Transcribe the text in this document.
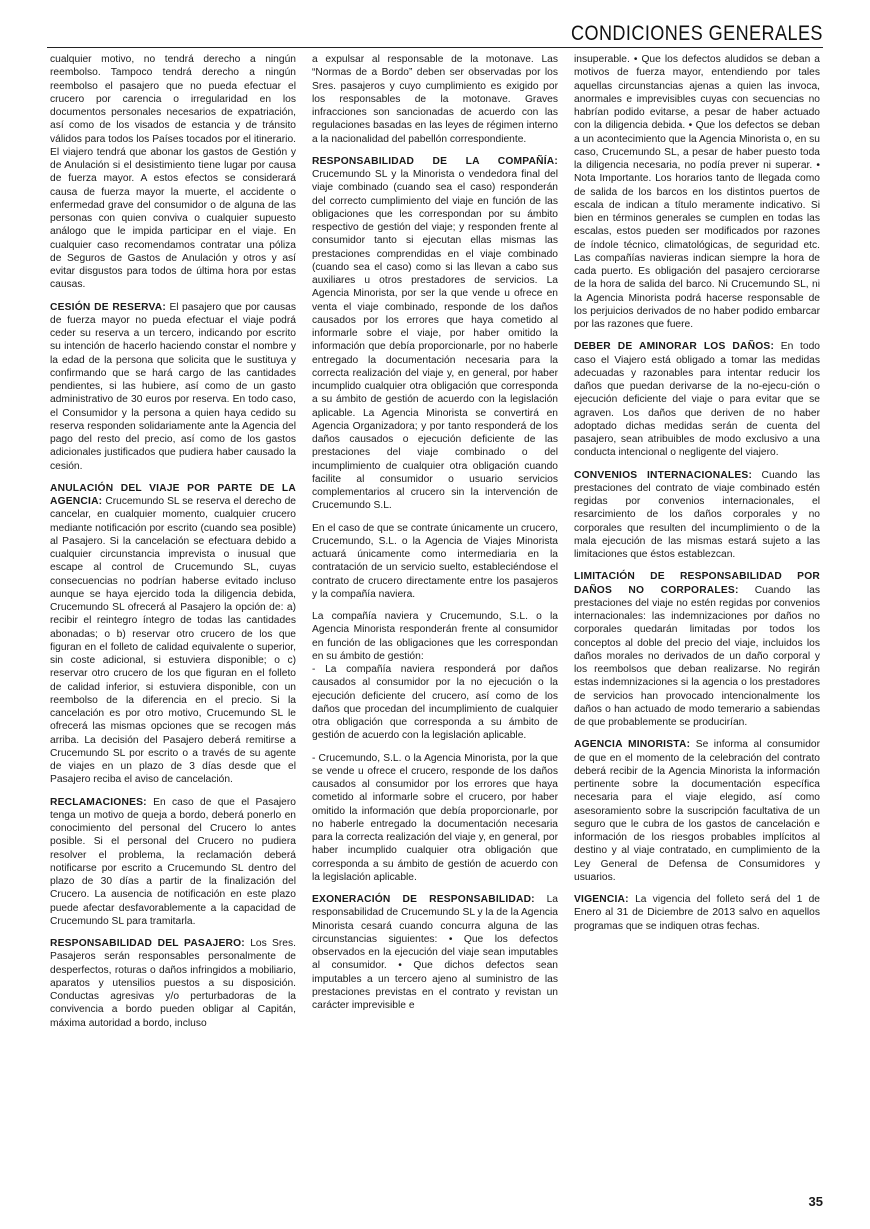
CONDICIONES GENERALES

cualquier motivo, no tendrá derecho a ningún reembolso. Tampoco tendrá derecho a ningún reembolso el pasajero que no pueda efectuar el crucero por carencia o irregularidad en los documentos personales necesarios de expatriación, así como de los visados de estancia y de tránsito válidos para todos los Países tocados por el itinerario. El viajero tendrá que abonar los gastos de Gestión y de Anulación si el desistimiento tiene lugar por causa de fuerza mayor. A estos efectos se considerará causa de fuerza mayor la muerte, el accidente o enfermedad grave del consumidor o de alguna de las personas con quien conviva o cualquier supuesto análogo que le impida participar en el viaje. En cualquier caso recomendamos contratar una póliza de Seguros de Gastos de Anulación y otros y así evitar disgustos para todos de última hora por estas causas.

CESIÓN DE RESERVA: El pasajero que por causas de fuerza mayor no pueda efectuar el viaje podrá ceder su reserva a un tercero, indicando por escrito su intención de hacerlo haciendo constar el nombre y la edad de la persona que solicita que le sustituya y confirmando que se hará cargo de las cantidades pendientes, si las hubiere, así como de un gasto administrativo de 30 euros por reserva. En todo caso, el Consumidor y la persona a quien haya cedido su reserva responden solidariamente ante la Agencia del pago del resto del precio, así como de los gastos adicionales justificados que pudiera haber causado la cesión.

ANULACIÓN DEL VIAJE POR PARTE DE LA AGENCIA: Crucemundo SL se reserva el derecho de cancelar, en cualquier momento, cualquier crucero mediante notificación por escrito (cuando sea posible) al Pasajero. Si la cancelación se efectuara debido a cualquier circunstancia imprevista o inusual que escape al control de Crucemundo SL, cuyas consecuencias no podrían haberse evitado incluso aunque se haya ejercido toda la diligencia debida, Crucemundo SL ofrecerá al Pasajero la opción de: a) recibir el reintegro íntegro de todas las cantidades abonadas; o b) reservar otro crucero de los que figuran en el folleto de calidad equivalente o superior, sin coste adicional, si estuviera disponible; o c) reservar otro crucero de los que figuran en el folleto de calidad inferior, si estuviera disponible, con un reembolso de la diferencia en el precio. Si la cancelación es por otro motivo, Crucemundo SL le ofrecerá las mismas opciones que se recogen más arriba. La decisión del Pasajero deberá remitirse a Crucemundo SL por escrito o a través de su agente de viajes en un plazo de 3 días desde que el Pasajero reciba el aviso de cancelación.

RECLAMACIONES: En caso de que el Pasajero tenga un motivo de queja a bordo, deberá ponerlo en conocimiento del personal del Crucero lo antes posible. Si el personal del Crucero no pudiera resolver el problema, la reclamación deberá notificarse por escrito a Crucemundo SL dentro del plazo de 30 días a partir de la finalización del Crucero. La ausencia de notificación en este plazo puede afectar desfavorablemente a la capacidad de Crucemundo SL para tramitarla.

RESPONSABILIDAD DEL PASAJERO: Los Sres. Pasajeros serán responsables personalmente de desperfectos, roturas o daños infringidos a mobiliario, aparatos y utensilios puestos a su disposición. Conductas agresivas y/o perturbadoras de la convivencia a bordo pueden obligar al Capitán, máxima autoridad a bordo, incluso

a expulsar al responsable de la motonave. Las “Normas de a Bordo” deben ser observadas por los Sres. pasajeros y cuyo cumplimiento es exigido por los responsables de la motonave. Graves infracciones son sancionadas de acuerdo con las regulaciones basadas en las leyes de régimen interno a la nacionalidad del pabellón correspondiente.

RESPONSABILIDAD DE LA COMPAÑÍA: Crucemundo SL y la Minorista o vendedora final del viaje combinado (cuando sea el caso) responderán del correcto cumplimiento del viaje en función de las obligaciones que les correspondan por su ámbito respectivo de gestión del viaje; y responden frente al consumidor tanto si ejecutan ellas mismas las prestaciones comprendidas en el viaje combinado (cuando sea el caso) como si las llevan a cabo sus auxiliares u otros prestadores de servicios. La Agencia Minorista, por ser la que vende u ofrece en venta el viaje combinado, responde de los daños causados por los errores que haya cometido al informarle sobre el viaje, por haber omitido la información que debía proporcionarle, por no haberle entregado la documentación necesaria para la correcta realización del viaje y, en general, por haber incumplido cualquier otra obligación que corresponda a su ámbito de gestión de acuerdo con la legislación aplicable. La Agencia Minorista se convertirá en Agencia Organizadora; y por tanto responderá de los daños causados o ejecución deficiente de las prestaciones del viaje combinado o del incumplimiento de cualquier otra obligación cuando facilite al consumidor o usuario servicios complementarios al crucero sin la intervención de Crucemundo S.L.

En el caso de que se contrate únicamente un crucero, Crucemundo, S.L. o la Agencia de Viajes Minorista actuará únicamente como intermediaria en la contratación de un servicio suelto, estableciéndose el contrato de crucero directamente entre los pasajeros y la compañía naviera.

La compañía naviera y Crucemundo, S.L. o la Agencia Minorista responderán frente al consumidor en función de las obligaciones que les correspondan en su ámbito de gestión:
- La compañía naviera responderá por daños causados al consumidor por la no ejecución o la ejecución deficiente del crucero, así como de los daños que procedan del incumplimiento de cualquier otra obligación que corresponda a su ámbito de gestión de acuerdo con la legislación aplicable.

- Crucemundo, S.L. o la Agencia Minorista, por la que se vende u ofrece el crucero, responde de los daños causados al consumidor por los errores que haya cometido al informarle sobre el crucero, por haber omitido la información que debía proporcionarle, por no haberle entregado la documentación necesaria para la correcta realización del viaje y, en general, por haber incumplido cualquier otra obligación que corresponda a su ámbito de gestión de acuerdo con la legislación aplicable.

EXONERACIÓN DE RESPONSABILIDAD: La responsabilidad de Crucemundo SL y la de la Agencia Minorista cesará cuando concurra alguna de las circunstancias siguientes: • Que los defectos observados en la ejecución del viaje sean imputables al consumidor. • Que dichos defectos sean imputables a un tercero ajeno al suministro de las prestaciones previstas en el contrato y revistan un carácter imprevisible e

insuperable. • Que los defectos aludidos se deban a motivos de fuerza mayor, entendiendo por tales aquellas circunstancias ajenas a quien las invoca, anormales e imprevisibles cuyas con secuencias no habrían podido evitarse, a pesar de haber actuado con la diligencia debida. • Que los defectos se deban a un acontecimiento que la Agencia Minorista o, en su caso, Crucemundo SL, a pesar de haber puesto toda la diligencia necesaria, no podía prever ni superar. • Nota Importante. Los horarios tanto de llegada como de salida de los barcos en los distintos puertos de escala de indican a título meramente indicativo. Si bien en términos generales se cumplen en todas las escalas, estos pueden ser modificados por razones de índole técnico, climatológicas, de seguridad etc. Las compañías navieras indican siempre la hora de cada puerto. Es obligación del pasajero cerciorarse de la hora de salida del barco. Ni Crucemundo SL, ni la Agencia Minorista podrá hacerse responsable de los perjuicios derivados de no haber podido embarcar por las razones que fuere.

DEBER DE AMINORAR LOS DAÑOS: En todo caso el Viajero está obligado a tomar las medidas adecuadas y razonables para intentar reducir los daños que puedan derivarse de la no-ejecu-ción o ejecución deficiente del viaje o para evitar que se agraven. Los daños que deriven de no haber adoptado dichas medidas serán de cuenta del pasajero, sean atribuibles de modo exclusivo a una conducta intencional o negligente del viajero.

CONVENIOS INTERNACIONALES: Cuando las prestaciones del contrato de viaje combinado estén regidas por convenios internacionales, el resarcimiento de los daños corporales y no corporales que resulten del incumplimiento o de la mala ejecución de las mismas estará sujeto a las limitaciones que éstos establezcan.

LIMITACIÓN DE RESPONSABILIDAD POR DAÑOS NO CORPORALES: Cuando las prestaciones del viaje no estén regidas por convenios internacionales: las indemnizaciones por daños no corporales quedarán limitadas por todos los conceptos al doble del precio del viaje, incluidos los daños morales no derivados de un daño corporal y los reembolsos que deban realizarse. No regirán estas indemnizaciones si la agencia o los prestadores de servicios han provocado intencionalmente los daños o han actuado de modo temerario a sabiendas de que probablemente se producirían.

AGENCIA MINORISTA: Se informa al consumidor de que en el momento de la celebración del contrato deberá recibir de la Agencia Minorista la información pertinente sobre la documentación específica necesaria para el viaje elegido, así como asesoramiento sobre la suscripción facultativa de un seguro que le cubra de los gastos de cancelación e información de los riesgos probables implícitos al destino y al viaje contratado, en cumplimiento de la Ley General de Defensa de Consumidores y usuarios.

VIGENCIA: La vigencia del folleto será del 1 de Enero al 31 de Diciembre de 2013 salvo en aquellos programas que se indiquen otras fechas.

35
